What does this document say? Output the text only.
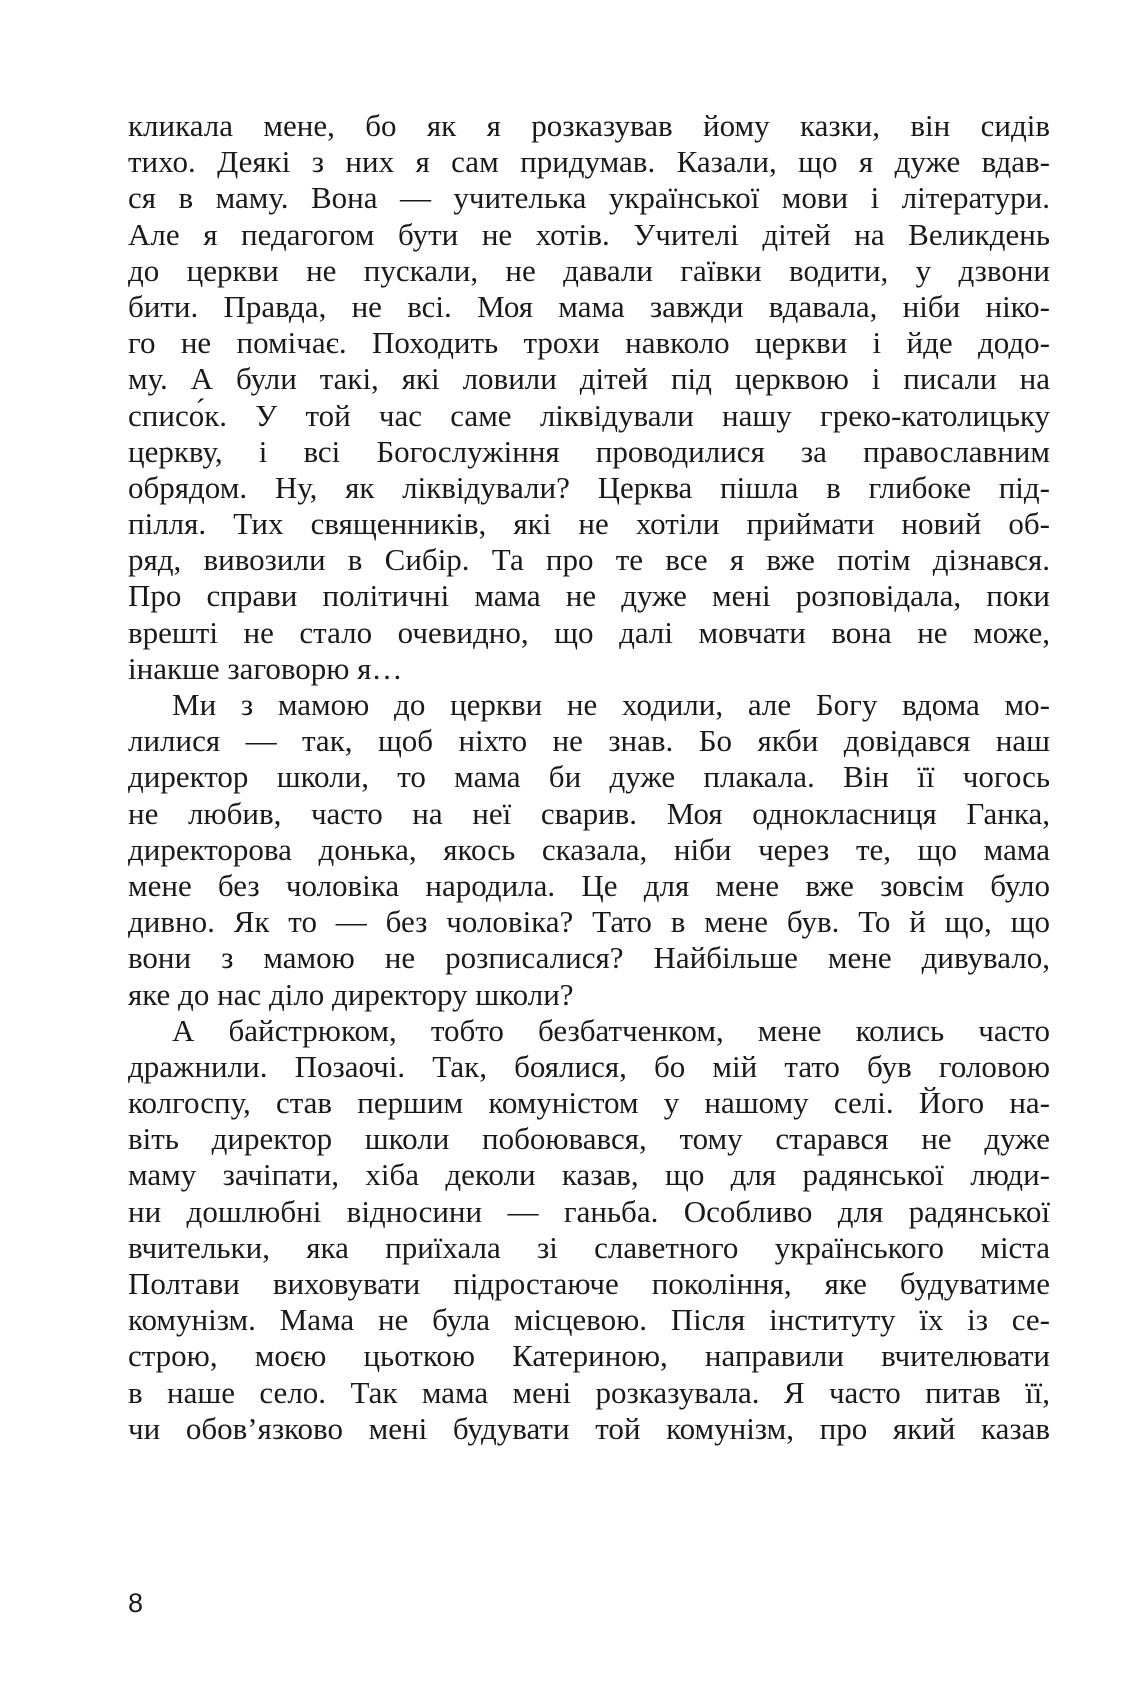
кликала мене, бо як я розказував йому казки, він сидів
тихо. Деякі з них я сам придумав. Казали, що я дуже вдав-
ся в маму. Вона — учителька української мови і літератури.
Але я педагогом бути не хотів. Учителі дітей на Великдень
до церкви не пускали, не давали гаївки водити, у дзвони
бити. Правда, не всі. Моя мама завжди вдавала, ніби ніко-
го не помічає. Походить трохи навколо церкви і йде додо-
му. А були такі, які ловили дітей під церквою і писали на
списо́к. У той час саме ліквідували нашу греко-католицьку
церкву, і всі Богослужіння проводилися за православним
обрядом. Ну, як ліквідували? Церква пішла в глибоке під-
пілля. Тих священників, які не хотіли приймати новий об-
ряд, вивозили в Сибір. Та про те все я вже потім дізнався.
Про справи політичні мама не дуже мені розповідала, поки
врешті не стало очевидно, що далі мовчати вона не може,
інакше заговорю я…
Ми з мамою до церкви не ходили, але Богу вдома мо-
лилися — так, щоб ніхто не знав. Бо якби довідався наш
директор школи, то мама би дуже плакала. Він її чогось
не любив, часто на неї сварив. Моя однокласниця Ганка,
директорова донька, якось сказала, ніби через те, що мама
мене без чоловіка народила. Це для мене вже зовсім було
дивно. Як то — без чоловіка? Тато в мене був. То й що, що
вони з мамою не розписалися? Найбільше мене дивувало,
яке до нас діло директору школи?
А байстрюком, тобто безбатченком, мене колись часто
дражнили. Позаочі. Так, боялися, бо мій тато був головою
колгоспу, став першим комуністом у нашому селі. Його на-
віть директор школи побоювався, тому старався не дуже
маму зачіпати, хіба деколи казав, що для радянської люди-
ни дошлюбні відносини — ганьба. Особливо для радянської
вчительки, яка приїхала зі славетного українського міста
Полтави виховувати підростаюче покоління, яке будуватиме
комунізм. Мама не була місцевою. Після інституту їх із се-
строю, моєю цьоткою Катериною, направили вчителювати
в наше село. Так мама мені розказувала. Я часто питав її,
чи обов’язково мені будувати той комунізм, про який казав
8
